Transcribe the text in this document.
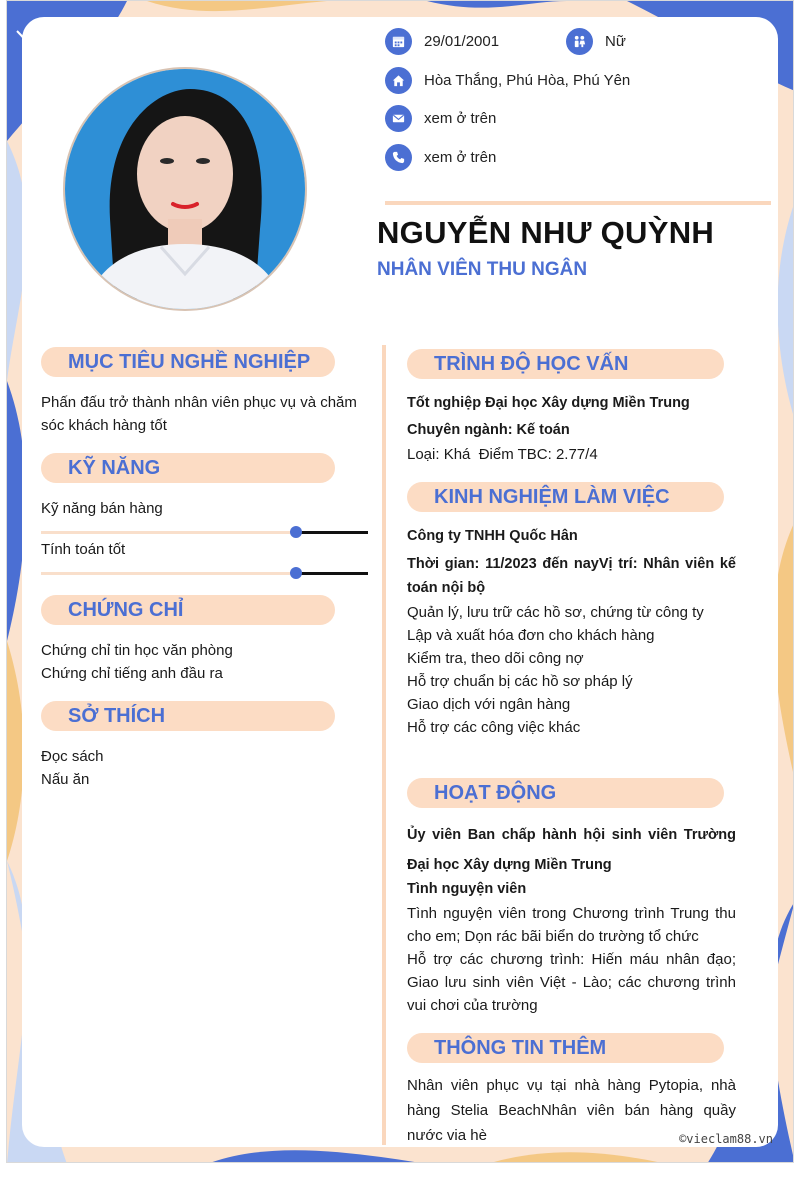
29/01/2001	Nữ
Hòa Thắng, Phú Hòa, Phú Yên
xem ở trên
xem ở trên
NGUYỄN NHƯ QUỲNH
NHÂN VIÊN THU NGÂN
MỤC TIÊU NGHỀ NGHIỆP
Phấn đấu trở thành nhân viên phục vụ và chăm sóc khách hàng tốt
KỸ NĂNG
Kỹ năng bán hàng
Tính toán tốt
CHỨNG CHỈ
Chứng chỉ tin học văn phòng
Chứng chỉ tiếng anh đầu ra
SỞ THÍCH
Đọc sách
Nấu ăn
TRÌNH ĐỘ HỌC VẤN
Tốt nghiệp Đại học Xây dựng Miền Trung
Chuyên ngành: Kế toán
Loại: Khá  Điểm TBC: 2.77/4
KINH NGHIỆM LÀM VIỆC
Công ty TNHH Quốc Hân
Thời gian: 11/2023 đến nayVị trí: Nhân viên kế toán nội bộ
Quản lý, lưu trữ các hồ sơ, chứng từ công ty
Lập và xuất hóa đơn cho khách hàng
Kiểm tra, theo dõi công nợ
Hỗ trợ chuẩn bị các hồ sơ pháp lý
Giao dịch với ngân hàng
Hỗ trợ các công việc khác
HOẠT ĐỘNG
Ủy viên Ban chấp hành hội sinh viên Trường Đại học Xây dựng Miền Trung
Tình nguyện viên
Tình nguyện viên trong Chương trình Trung thu cho em; Dọn rác bãi biển do trường tổ chức
Hỗ trợ các chương trình: Hiến máu nhân đạo; Giao lưu sinh viên Việt - Lào; các chương trình vui chơi của trường
THÔNG TIN THÊM
Nhân viên phục vụ tại nhà hàng Pytopia, nhà hàng Stelia BeachNhân viên bán hàng quầy nước via hè	©vieclam88.vn
